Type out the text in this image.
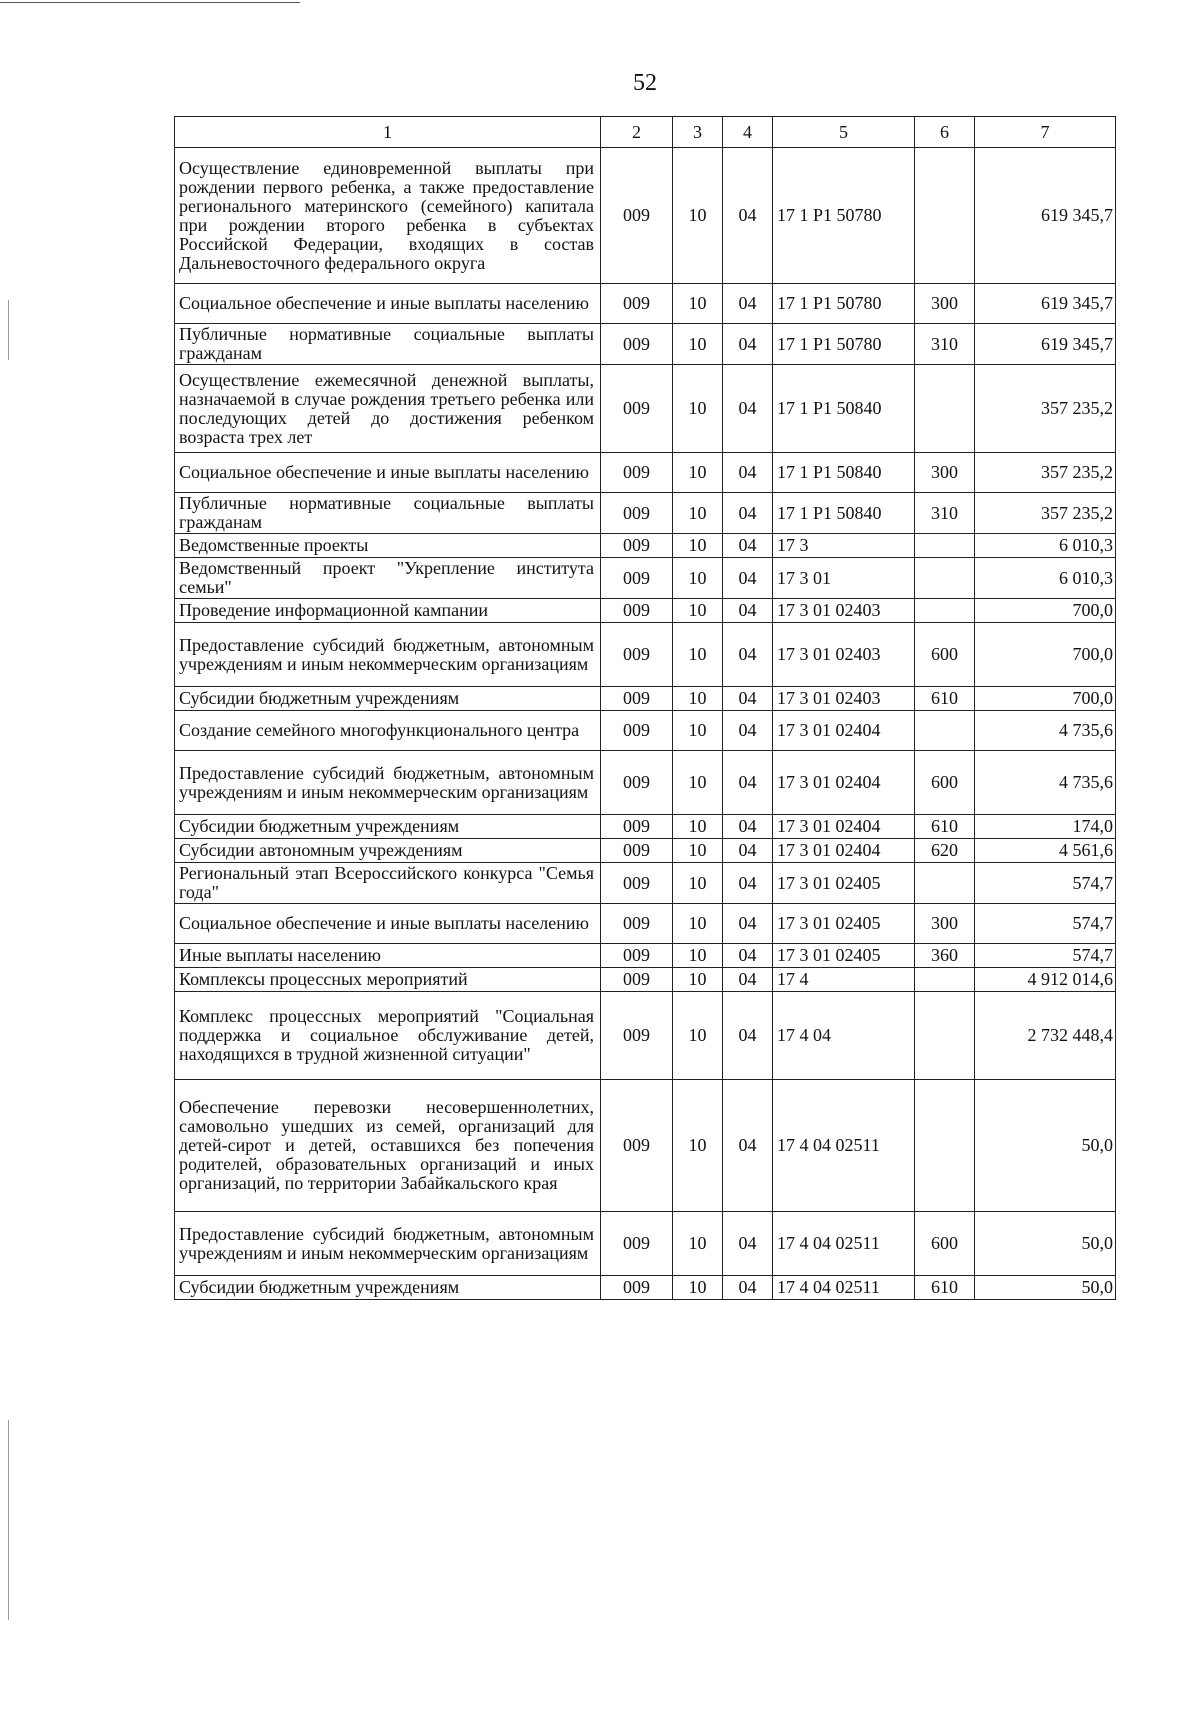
52
1	2	3	4	5	6	7
Осуществление единовременной выплаты при рождении первого ребенка, а также предоставление регионального материнского (семейного) капитала при рождении второго ребенка в субъектах Российской Федерации, входящих в состав Дальневосточного федерального округа	009	10	04	17 1 Р1 50780		619 345,7
Социальное обеспечение и иные выплаты населению	009	10	04	17 1 Р1 50780	300	619 345,7
Публичные нормативные социальные выплаты гражданам	009	10	04	17 1 Р1 50780	310	619 345,7
Осуществление ежемесячной денежной выплаты, назначаемой в случае рождения третьего ребенка или последующих детей до достижения ребенком возраста трех лет	009	10	04	17 1 Р1 50840		357 235,2
Социальное обеспечение и иные выплаты населению	009	10	04	17 1 Р1 50840	300	357 235,2
Публичные нормативные социальные выплаты гражданам	009	10	04	17 1 Р1 50840	310	357 235,2
Ведомственные проекты	009	10	04	17 3		6 010,3
Ведомственный проект "Укрепление института семьи"	009	10	04	17 3 01		6 010,3
Проведение информационной кампании	009	10	04	17 3 01 02403		700,0
Предоставление субсидий бюджетным, автономным учреждениям и иным некоммерческим организациям	009	10	04	17 3 01 02403	600	700,0
Субсидии бюджетным учреждениям	009	10	04	17 3 01 02403	610	700,0
Создание семейного многофункционального центра	009	10	04	17 3 01 02404		4 735,6
Предоставление субсидий бюджетным, автономным учреждениям и иным некоммерческим организациям	009	10	04	17 3 01 02404	600	4 735,6
Субсидии бюджетным учреждениям	009	10	04	17 3 01 02404	610	174,0
Субсидии автономным учреждениям	009	10	04	17 3 01 02404	620	4 561,6
Региональный этап Всероссийского конкурса "Семья года"	009	10	04	17 3 01 02405		574,7
Социальное обеспечение и иные выплаты населению	009	10	04	17 3 01 02405	300	574,7
Иные выплаты населению	009	10	04	17 3 01 02405	360	574,7
Комплексы процессных мероприятий	009	10	04	17 4		4 912 014,6
Комплекс процессных мероприятий "Социальная поддержка и социальное обслуживание детей, находящихся в трудной жизненной ситуации"	009	10	04	17 4 04		2 732 448,4
Обеспечение перевозки несовершеннолетних, самовольно ушедших из семей, организаций для детей-сирот и детей, оставшихся без попечения родителей, образовательных организаций и иных организаций, по территории Забайкальского края	009	10	04	17 4 04 02511		50,0
Предоставление субсидий бюджетным, автономным учреждениям и иным некоммерческим организациям	009	10	04	17 4 04 02511	600	50,0
Субсидии бюджетным учреждениям	009	10	04	17 4 04 02511	610	50,0
